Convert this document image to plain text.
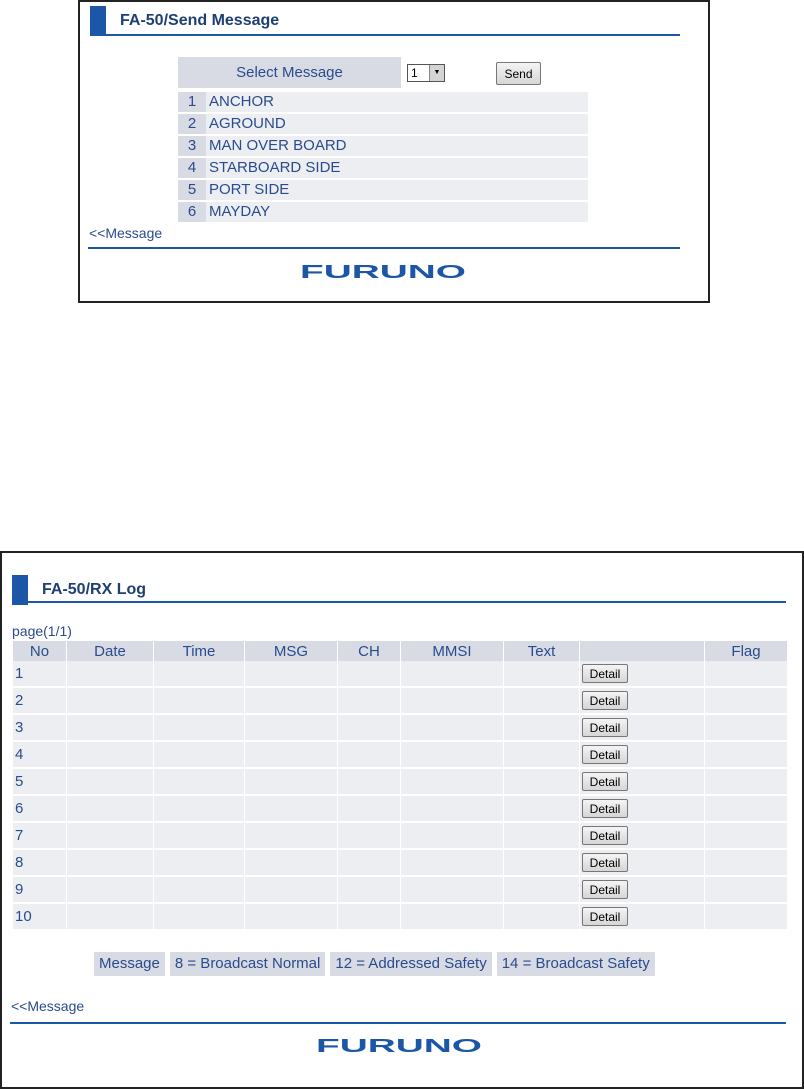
FA-50/Send Message
Select Message	1	▼	Send
1 ANCHOR
2 AGROUND
3 MAN OVER BOARD
4 STARBOARD SIDE
5 PORT SIDE
6 MAYDAY
<<Message
FURUNO
FA-50/RX Log
page(1/1)
No	Date	Time	MSG	CH	MMSI	Text		Flag
1							Detail	
2							Detail	
3							Detail	
4							Detail	
5							Detail	
6							Detail	
7							Detail	
8							Detail	
9							Detail	
10							Detail	
Message	8 = Broadcast Normal	12 = Addressed Safety	14 = Broadcast Safety
<<Message
FURUNO
